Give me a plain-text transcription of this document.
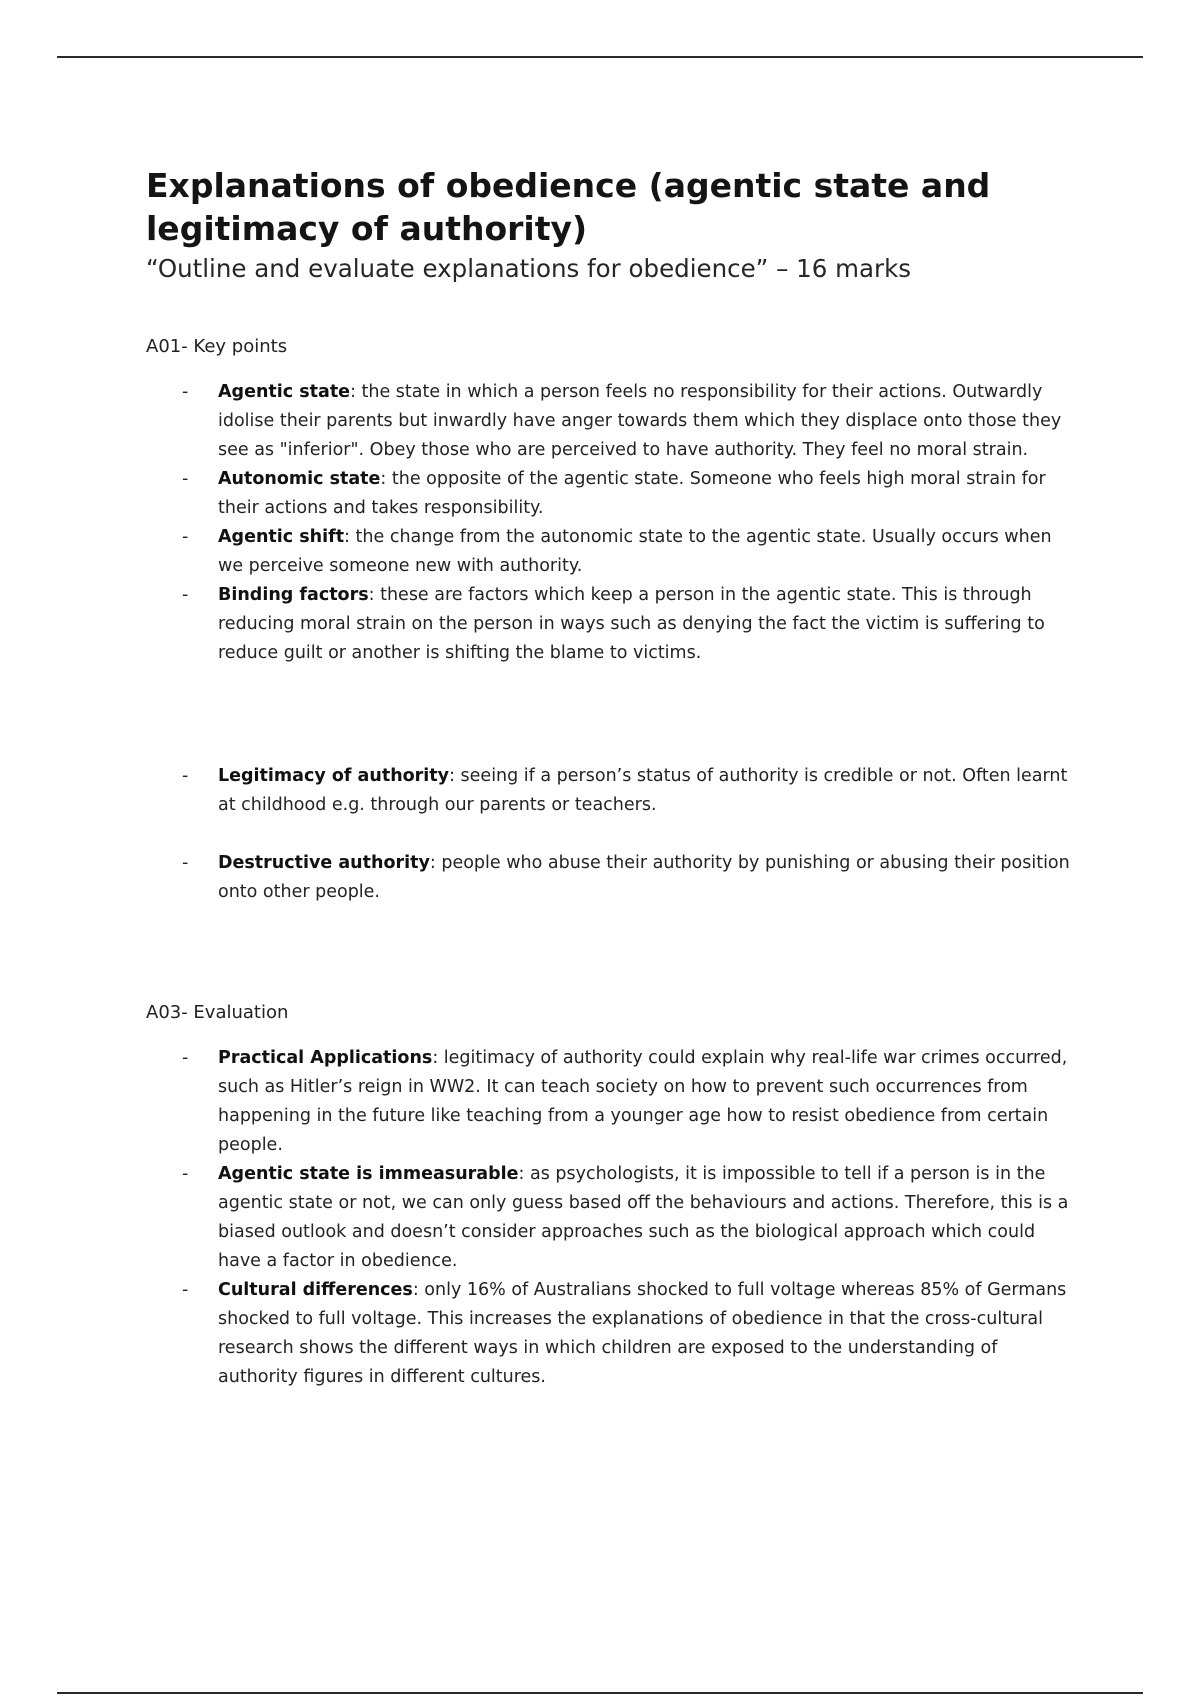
Explanations of obedience (agentic state and legitimacy of authority)

“Outline and evaluate explanations for obedience” – 16 marks

A01- Key points

- Agentic state: the state in which a person feels no responsibility for their actions. Outwardly idolise their parents but inwardly have anger towards them which they displace onto those they see as "inferior". Obey those who are perceived to have authority. They feel no moral strain.
- Autonomic state: the opposite of the agentic state. Someone who feels high moral strain for their actions and takes responsibility.
- Agentic shift: the change from the autonomic state to the agentic state. Usually occurs when we perceive someone new with authority.
- Binding factors: these are factors which keep a person in the agentic state. This is through reducing moral strain on the person in ways such as denying the fact the victim is suffering to reduce guilt or another is shifting the blame to victims.
- Legitimacy of authority: seeing if a person’s status of authority is credible or not. Often learnt at childhood e.g. through our parents or teachers.
- Destructive authority: people who abuse their authority by punishing or abusing their position onto other people.

A03- Evaluation

- Practical Applications: legitimacy of authority could explain why real-life war crimes occurred, such as Hitler’s reign in WW2. It can teach society on how to prevent such occurrences from happening in the future like teaching from a younger age how to resist obedience from certain people.
- Agentic state is immeasurable: as psychologists, it is impossible to tell if a person is in the agentic state or not, we can only guess based off the behaviours and actions. Therefore, this is a biased outlook and doesn’t consider approaches such as the biological approach which could have a factor in obedience.
- Cultural differences: only 16% of Australians shocked to full voltage whereas 85% of Germans shocked to full voltage. This increases the explanations of obedience in that the cross-cultural research shows the different ways in which children are exposed to the understanding of authority figures in different cultures.
